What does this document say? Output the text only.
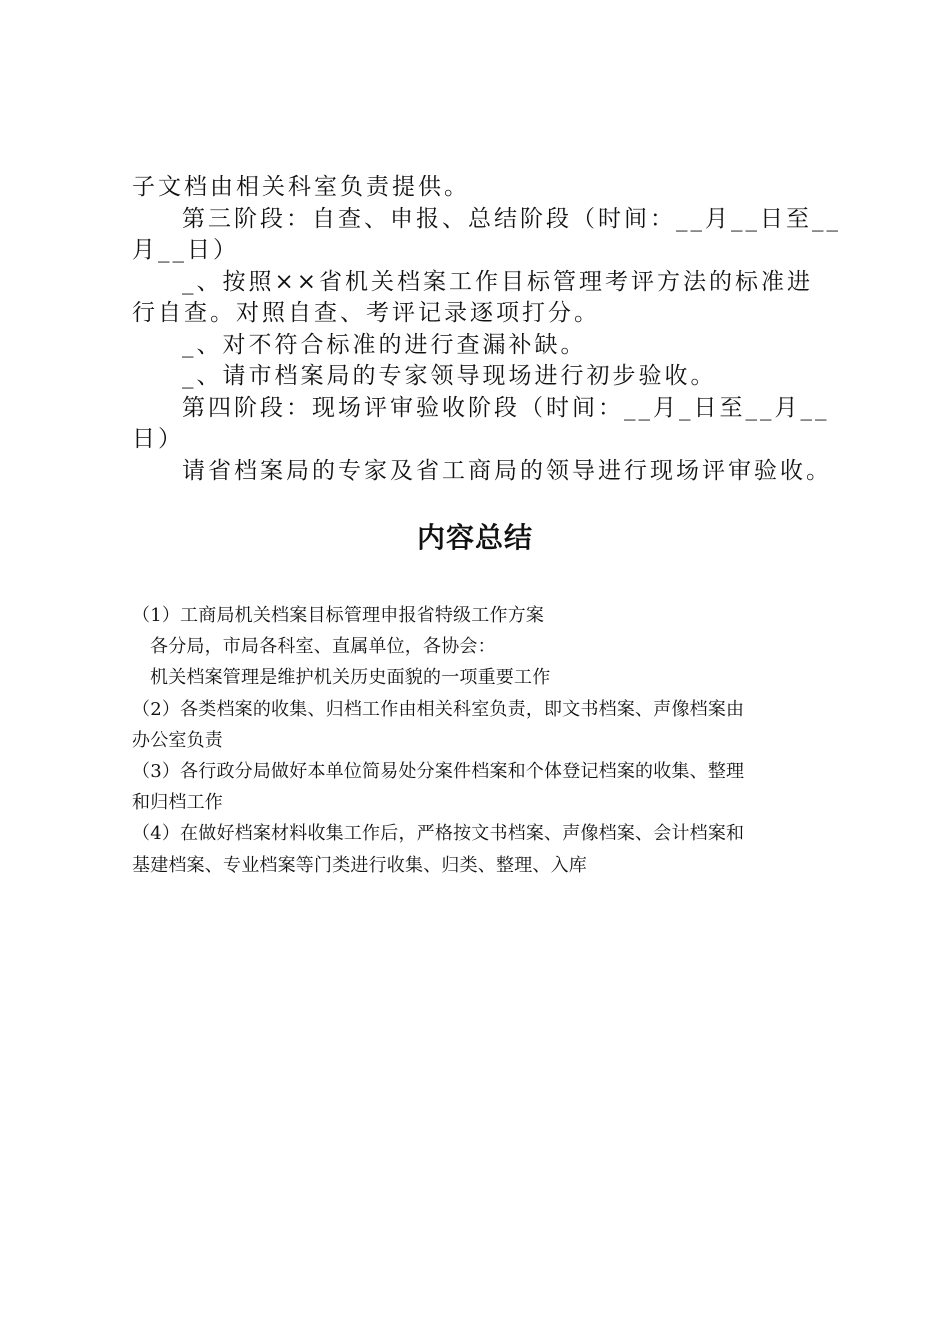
子文档由相关科室负责提供。

第三阶段：自查、申报、总结阶段（时间：__月__日至__

月__日）

_、按照××省机关档案工作目标管理考评方法的标准进

行自查。对照自查、考评记录逐项打分。

_、对不符合标准的进行查漏补缺。

_、请市档案局的专家领导现场进行初步验收。

第四阶段：现场评审验收阶段（时间：__月_日至__月__

日）

请省档案局的专家及省工商局的领导进行现场评审验收。

内容总结

（1）工商局机关档案目标管理申报省特级工作方案

各分局，市局各科室、直属单位，各协会：

机关档案管理是维护机关历史面貌的一项重要工作

（2）各类档案的收集、归档工作由相关科室负责，即文书档案、声像档案由

办公室负责

（3）各行政分局做好本单位简易处分案件档案和个体登记档案的收集、整理

和归档工作

（4）在做好档案材料收集工作后，严格按文书档案、声像档案、会计档案和

基建档案、专业档案等门类进行收集、归类、整理、入库
